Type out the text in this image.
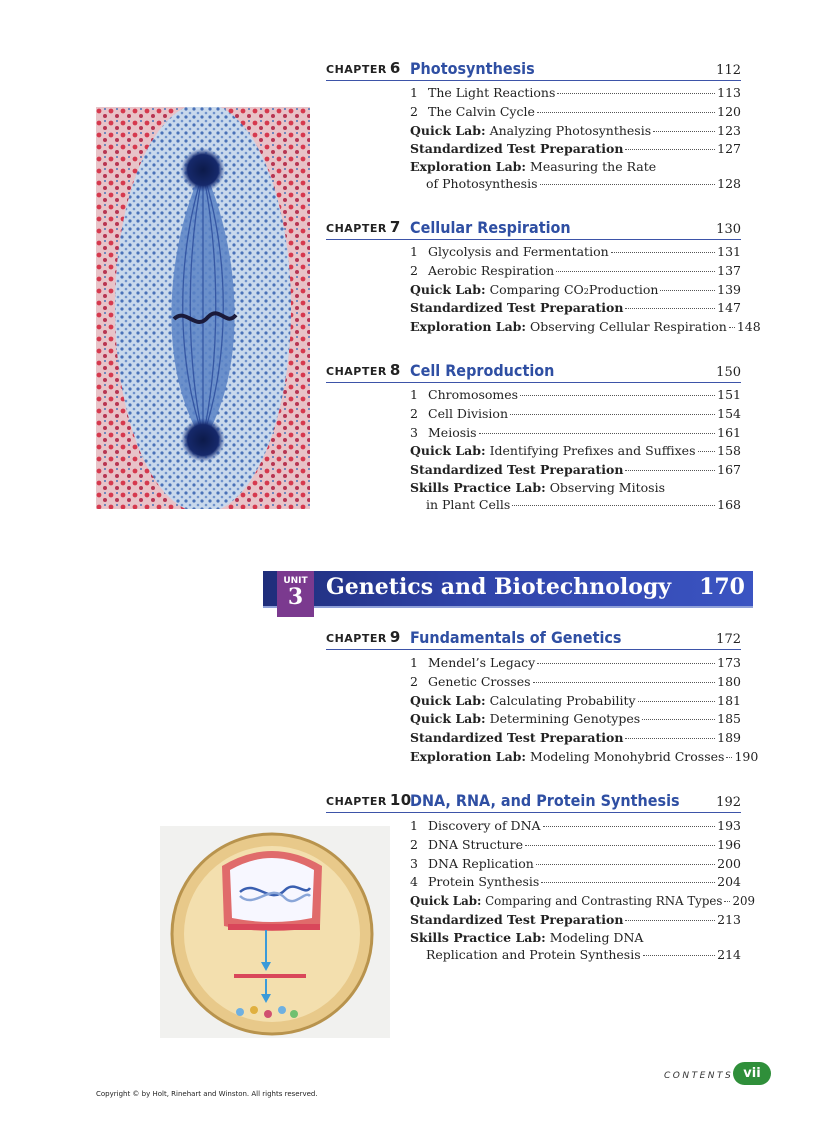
CHAPTER 6 Photosynthesis	112
1 The Light Reactions	113
2 The Calvin Cycle	120
Quick Lab:
Analyzing Photosynthesis	123
Standardized Test Preparation	127
Exploration Lab: Measuring the Rate
of Photosynthesis	128
CHAPTER 7 Cellular Respiration	130
1 Glycolysis and Fermentation	131
2 Aerobic Respiration	137
Quick Lab:
Comparing CO 2 Production	139
Standardized Test Preparation	147
Exploration Lab:
Observing Cellular Respiration 148
CHAPTER 8 Cell Reproduction	150
1 Chromosomes	151
2 Cell Division	154
3 Meiosis	161
Quick Lab:
Identifying Prefixes and Suffixes 158
Standardized Test Preparation	167
Skills Practice Lab: Observing Mitosis
in Plant Cells	168
UNIT
3	Genetics and Biotechnology 170
CHAPTER 9 Fundamentals of Genetics	172
1 Mendel’s Legacy	173
2 Genetic Crosses	180
Quick Lab:
Calculating Probability	181
Quick Lab:
Determining Genotypes	185
Standardized Test Preparation	189
Exploration Lab:
Modeling Monohybrid Crosses 190
CHAPTER 10
DNA, RNA, and Protein Synthesis	192
1 Discovery of DNA	193
2 DNA Structure	196
3 DNA Replication	200
4 Protein Synthesis	204
Quick Lab:
Comparing and Contrasting RNA Types 209
Standardized Test Preparation	213
Skills Practice Lab: Modeling DNA
Replication and Protein Synthesis	214
CONTENTS vii
Copyright © by Holt, Rinehart and Winston. All rights reserved.
